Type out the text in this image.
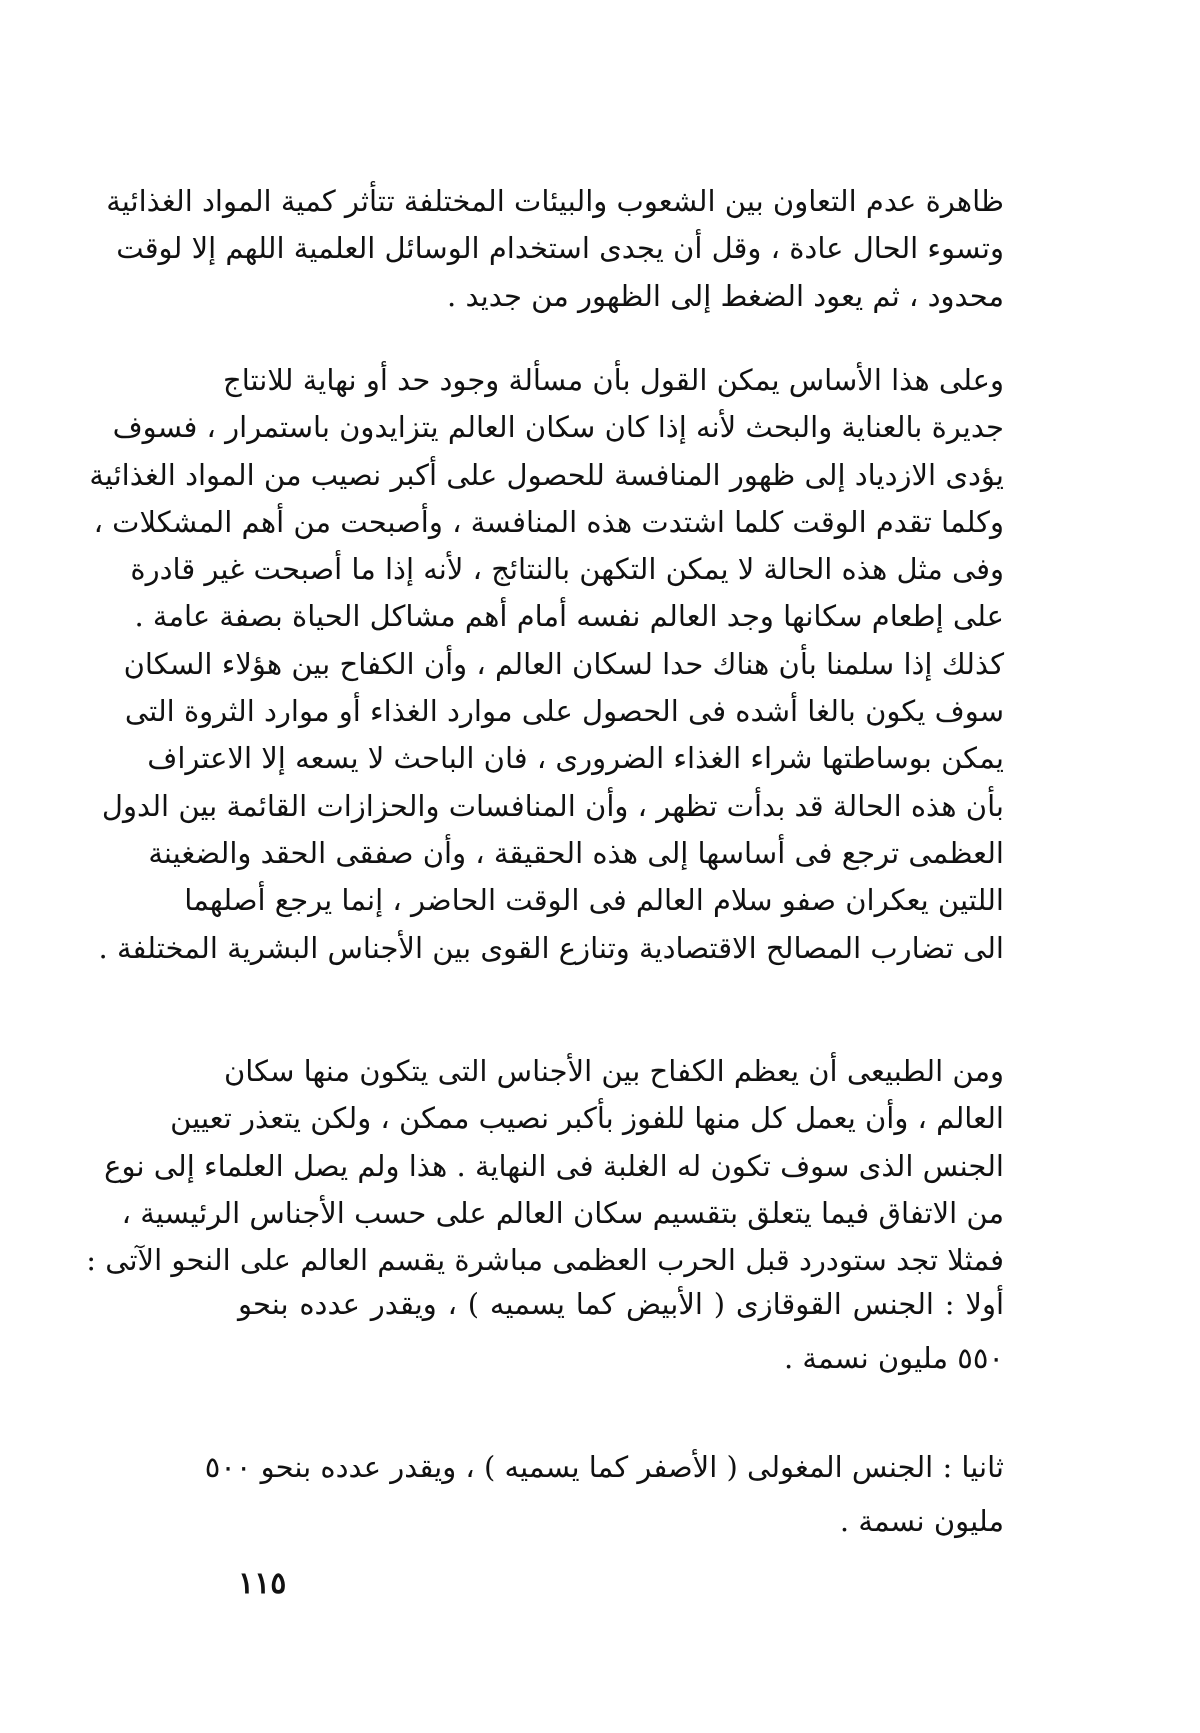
ظاهرة عدم التعاون بين الشعوب والبيئات المختلفة تتأثر كمية المواد الغذائية
وتسوء الحال عادة ، وقل أن يجدى استخدام الوسائل العلمية اللهم إلا لوقت
محدود ، ثم يعود الضغط إلى الظهور من جديد .
وعلى هذا الأساس يمكن القول بأن مسألة وجود حد أو نهاية للانتاج
جديرة بالعناية والبحث لأنه إذا كان سكان العالم يتزايدون باستمرار ، فسوف
يؤدى الازدياد إلى ظهور المنافسة للحصول على أكبر نصيب من المواد الغذائية
وكلما تقدم الوقت كلما اشتدت هذه المنافسة ، وأصبحت من أهم المشكلات ،
وفى مثل هذه الحالة لا يمكن التكهن بالنتائج ، لأنه إذا ما أصبحت غير قادرة
على إطعام سكانها وجد العالم نفسه أمام أهم مشاكل الحياة بصفة عامة .
كذلك إذا سلمنا بأن هناك حدا لسكان العالم ، وأن الكفاح بين هؤلاء السكان
سوف يكون بالغا أشده فى الحصول على موارد الغذاء أو موارد الثروة التى
يمكن بوساطتها شراء الغذاء الضرورى ، فان الباحث لا يسعه إلا الاعتراف
بأن هذه الحالة قد بدأت تظهر ، وأن المنافسات والحزازات القائمة بين الدول
العظمى ترجع فى أساسها إلى هذه الحقيقة ، وأن صفقى الحقد والضغينة
اللتين يعكران صفو سلام العالم فى الوقت الحاضر ، إنما يرجع أصلهما
الى تضارب المصالح الاقتصادية وتنازع القوى بين الأجناس البشرية المختلفة .
ومن الطبيعى أن يعظم الكفاح بين الأجناس التى يتكون منها سكان
العالم ، وأن يعمل كل منها للفوز بأكبر نصيب ممكن ، ولكن يتعذر تعيين
الجنس الذى سوف تكون له الغلبة فى النهاية . هذا ولم يصل العلماء إلى نوع
من الاتفاق فيما يتعلق بتقسيم سكان العالم على حسب الأجناس الرئيسية ،
فمثلا تجد ستودرد قبل الحرب العظمى مباشرة يقسم العالم على النحو الآتى :
أولا : الجنس القوقازى ( الأبيض كما يسميه ) ، ويقدر عدده بنحو
٥٥٠ مليون نسمة .
ثانيا : الجنس المغولى ( الأصفر كما يسميه ) ، ويقدر عدده بنحو ٥٠٠
مليون نسمة .
١١٥
